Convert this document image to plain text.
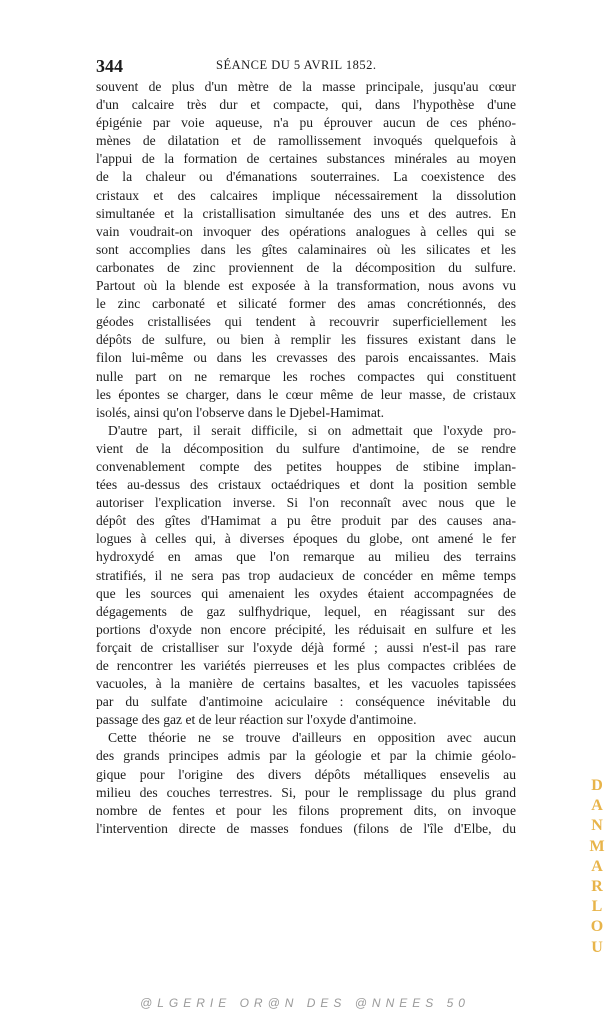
344	SÉANCE DU 5 AVRIL 1852.
souvent de plus d'un mètre de la masse principale, jusqu'au cœur
d'un calcaire très dur et compacte, qui, dans l'hypothèse d'une
épigénie par voie aqueuse, n'a pu éprouver aucun de ces phéno-
mènes de dilatation et de ramollissement invoqués quelquefois à
l'appui de la formation de certaines substances minérales au moyen
de la chaleur ou d'émanations souterraines. La coexistence des
cristaux et des calcaires implique nécessairement la dissolution
simultanée et la cristallisation simultanée des uns et des autres. En
vain voudrait-on invoquer des opérations analogues à celles qui se
sont accomplies dans les gîtes calaminaires où les silicates et les
carbonates de zinc proviennent de la décomposition du sulfure.
Partout où la blende est exposée à la transformation, nous avons vu
le zinc carbonaté et silicaté former des amas concrétionnés, des
géodes cristallisées qui tendent à recouvrir superficiellement les
dépôts de sulfure, ou bien à remplir les fissures existant dans le
filon lui-même ou dans les crevasses des parois encaissantes. Mais
nulle part on ne remarque les roches compactes qui constituent
les épontes se charger, dans le cœur même de leur masse, de cristaux
isolés, ainsi qu'on l'observe dans le Djebel-Hamimat.
D'autre part, il serait difficile, si on admettait que l'oxyde pro-
vient de la décomposition du sulfure d'antimoine, de se rendre
convenablement compte des petites houppes de stibine implan-
tées au-dessus des cristaux octaédriques et dont la position semble
autoriser l'explication inverse. Si l'on reconnaît avec nous que le
dépôt des gîtes d'Hamimat a pu être produit par des causes ana-
logues à celles qui, à diverses époques du globe, ont amené le fer
hydroxydé en amas que l'on remarque au milieu des terrains
stratifiés, il ne sera pas trop audacieux de concéder en même temps
que les sources qui amenaient les oxydes étaient accompagnées de
dégagements de gaz sulfhydrique, lequel, en réagissant sur des
portions d'oxyde non encore précipité, les réduisait en sulfure et les
forçait de cristalliser sur l'oxyde déjà formé ; aussi n'est-il pas rare
de rencontrer les variétés pierreuses et les plus compactes criblées de
vacuoles, à la manière de certains basaltes, et les vacuoles tapissées
par du sulfate d'antimoine aciculaire : conséquence inévitable du
passage des gaz et de leur réaction sur l'oxyde d'antimoine.
Cette théorie ne se trouve d'ailleurs en opposition avec aucun
des grands principes admis par la géologie et par la chimie géolo-
gique pour l'origine des divers dépôts métalliques ensevelis au
milieu des couches terrestres. Si, pour le remplissage du plus grand
nombre de fentes et pour les filons proprement dits, on invoque
l'intervention directe de masses fondues (filons de l'île d'Elbe, du
D
A
N
M
A
R
L
O
U
@LGERIE OR@N DES @NNEES 50
